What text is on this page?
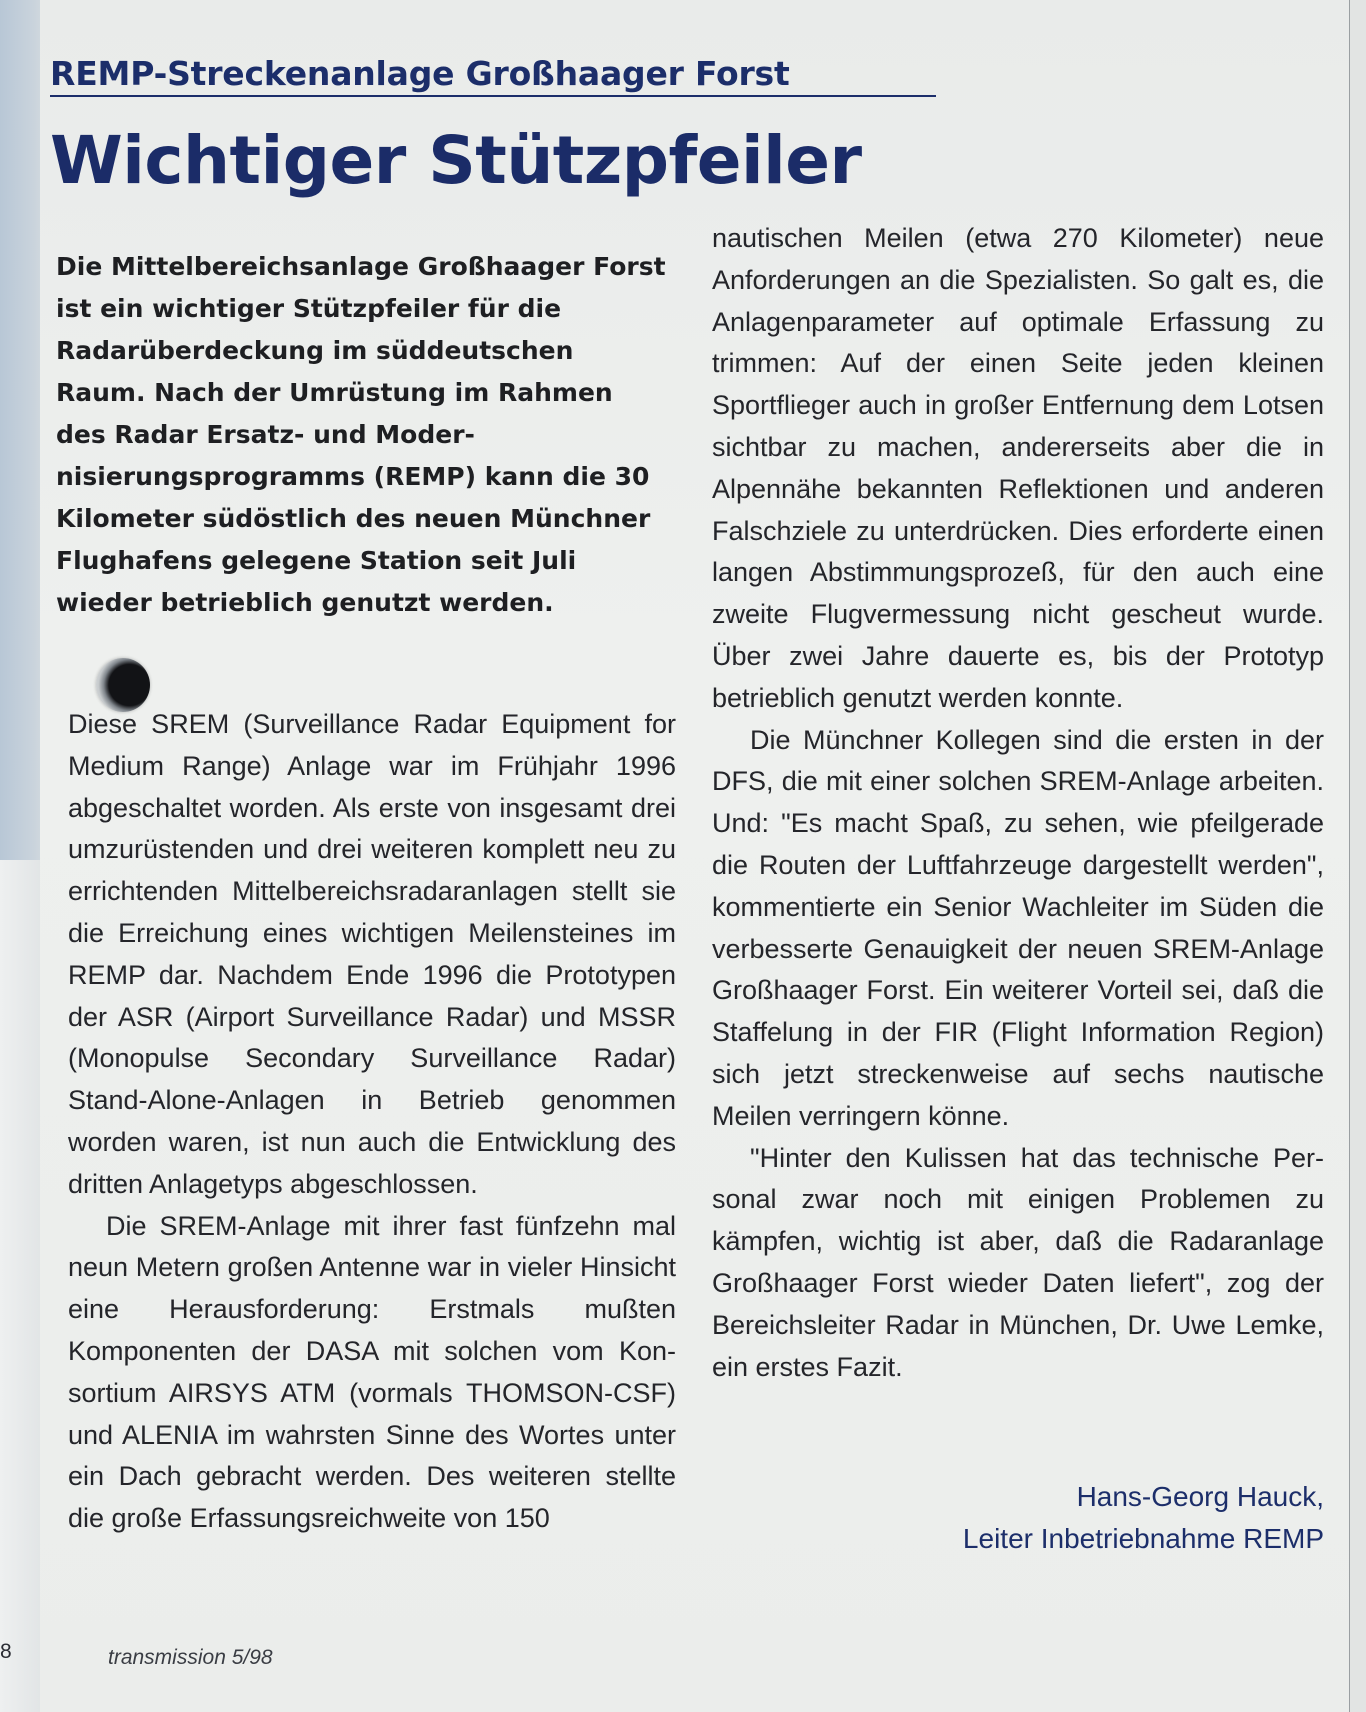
REMP-Streckenanlage Großhaager Forst
Wichtiger Stützpfeiler

Die Mittelbereichsanlage Großhaager Forst ist ein wichtiger Stützpfeiler für die Radarüberdeckung im süddeutschen Raum. Nach der Umrüstung im Rahmen des Radar Ersatz- und Modernisierungsprogramms (REMP) kann die 30 Kilometer südöstlich des neuen Münchner Flughafens gelegene Station seit Juli wieder betrieblich genutzt werden.

Diese SREM (Surveillance Radar Equipment for Medium Range) Anlage war im Frühjahr 1996 abgeschaltet worden. Als erste von insgesamt drei umzurüstenden und drei weiteren komplett neu zu errichtenden Mittelbereichsradaranlagen stellt sie die Erreichung eines wichtigen Meilensteines im REMP dar. Nachdem Ende 1996 die Prototypen der ASR (Airport Surveillance Radar) und MSSR (Monopulse Secondary Surveillance Radar) Stand-Alone-Anlagen in Betrieb genommen worden waren, ist nun auch die Entwicklung des dritten Anlagetyps abgeschlossen.

Die SREM-Anlage mit ihrer fast fünfzehn mal neun Metern großen Antenne war in vieler Hinsicht eine Herausforderung: Erstmals mußten Komponenten der DASA mit solchen vom Konsortium AIRSYS ATM (vormals THOMSON-CSF) und ALENIA im wahrsten Sinne des Wortes unter ein Dach gebracht werden. Des weiteren stellte die große Erfassungsreichweite von 150

nautischen Meilen (etwa 270 Kilometer) neue Anforderungen an die Spezialisten. So galt es, die Anlagenparameter auf optimale Erfassung zu trimmen: Auf der einen Seite jeden kleinen Sportflieger auch in großer Entfernung dem Lotsen sichtbar zu machen, andererseits aber die in Alpennähe bekannten Reflektionen und anderen Falschziele zu unterdrücken. Dies erforderte einen langen Abstimmungsprozeß, für den auch eine zweite Flugvermessung nicht gescheut wurde. Über zwei Jahre dauerte es, bis der Prototyp betrieblich genutzt werden konnte.

Die Münchner Kollegen sind die ersten in der DFS, die mit einer solchen SREM-Anlage arbeiten. Und: "Es macht Spaß, zu sehen, wie pfeilgerade die Routen der Luftfahrzeuge dargestellt werden", kommentierte ein Senior Wachleiter im Süden die verbesserte Genauigkeit der neuen SREM-Anlage Großhaager Forst. Ein weiterer Vorteil sei, daß die Staffelung in der FIR (Flight Information Region) sich jetzt streckenweise auf sechs nautische Meilen verringern könne.

"Hinter den Kulissen hat das technische Personal zwar noch mit einigen Problemen zu kämpfen, wichtig ist aber, daß die Radaranlage Großhaager Forst wieder Daten liefert", zog der Bereichsleiter Radar in München, Dr. Uwe Lemke, ein erstes Fazit.

Hans-Georg Hauck,
Leiter Inbetriebnahme REMP
8	transmission 5/98
